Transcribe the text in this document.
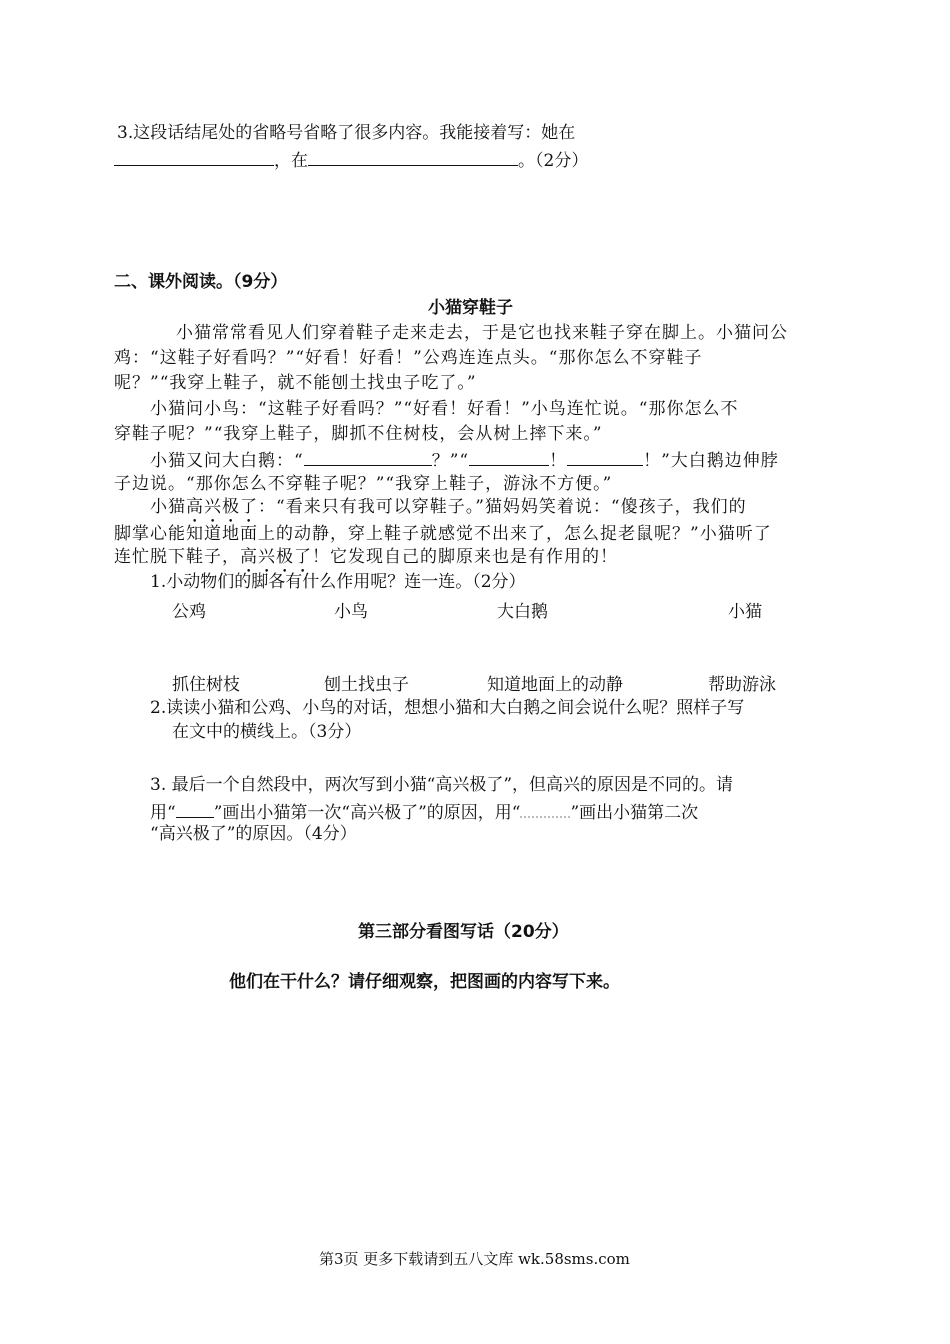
3.这段话结尾处的省略号省略了很多内容。我能接着写：她在
，在	。（2分）
二、课外阅读。（9分）
小猫穿鞋子
小猫常常看见人们穿着鞋子走来走去，于是它也找来鞋子穿在脚上。小猫问公
鸡：“这鞋子好看吗？”“好看！好看！”公鸡连连点头。“那你怎么不穿鞋子
呢？”“我穿上鞋子，就不能刨土找虫子吃了。”
小猫问小鸟：“这鞋子好看吗？”“好看！好看！”小鸟连忙说。“那你怎么不
穿鞋子呢？”“我穿上鞋子，脚抓不住树枝，会从树上摔下来。”
小猫又问大白鹅：“	？”“	！	！”大白鹅边伸脖
子边说。“那你怎么不穿鞋子呢？”“我穿上鞋子，游泳不方便。”
小猫高兴极了：“看来只有我可以穿鞋子。”猫妈妈笑着说：“傻孩子，我们的
脚掌心能知道地面上的动静，穿上鞋子就感觉不出来了，怎么捉老鼠呢？”小猫听了
连忙脱下鞋子，高兴极了！它发现自己的脚原来也是有作用的！
1.小动物们的脚各有什么作用呢？连一连。（2分）
公鸡	小鸟	大白鹅	小猫
抓住树枝	刨土找虫子	知道地面上的动静	帮助游泳
2.读读小猫和公鸡、小鸟的对话，想想小猫和大白鹅之间会说什么呢？照样子写
在文中的横线上。（3分）
3. 最后一个自然段中，两次写到小猫“高兴极了”，但高兴的原因是不同的。请
用“ ”画出小猫第一次“高兴极了”的原因，用“	”画出小猫第二次
“高兴极了”的原因。（4分）
第三部分看图写话（20分）
他们在干什么？请仔细观察，把图画的内容写下来。
第3页 更多下载请到五八文库 wk.58sms.com
